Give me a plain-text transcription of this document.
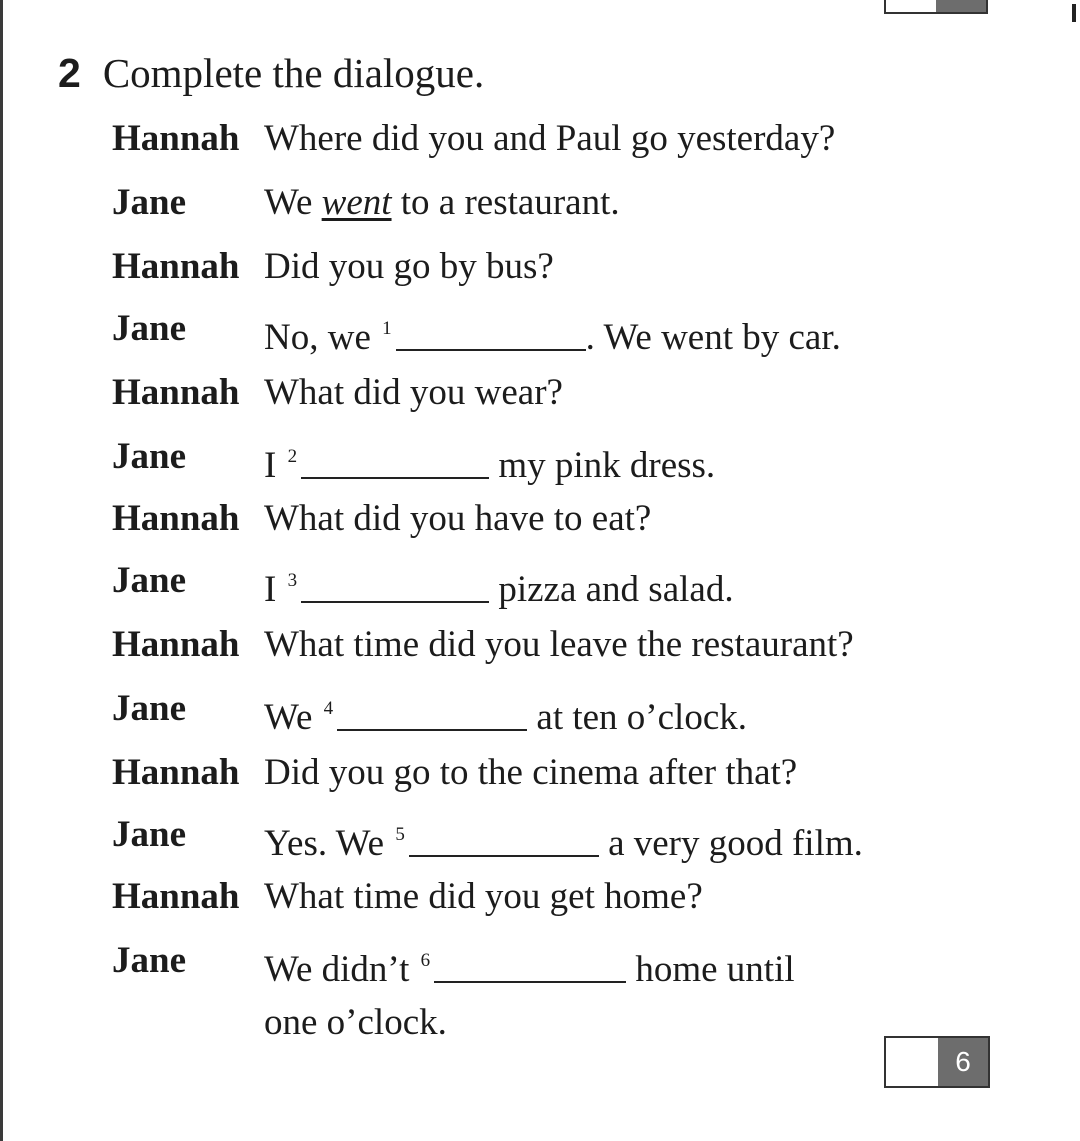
2 Complete the dialogue.
Hannah Where did you and Paul go yesterday?
Jane We went to a restaurant.
Hannah Did you go by bus?
Jane No, we $^1$	. We went by car.
Hannah What did you wear?
Jane I $^2$	my pink dress.
Hannah What did you have to eat?
Jane I $^3$	pizza and salad.
Hannah What time did you leave the restaurant?
Jane We $^4$	at ten o’clock.
Hannah Did you go to the cinema after that?
Jane Yes. We $^5$	a very good film.
Hannah What time did you get home?
Jane We didn’t $^6$	home until
one o’clock.
6
